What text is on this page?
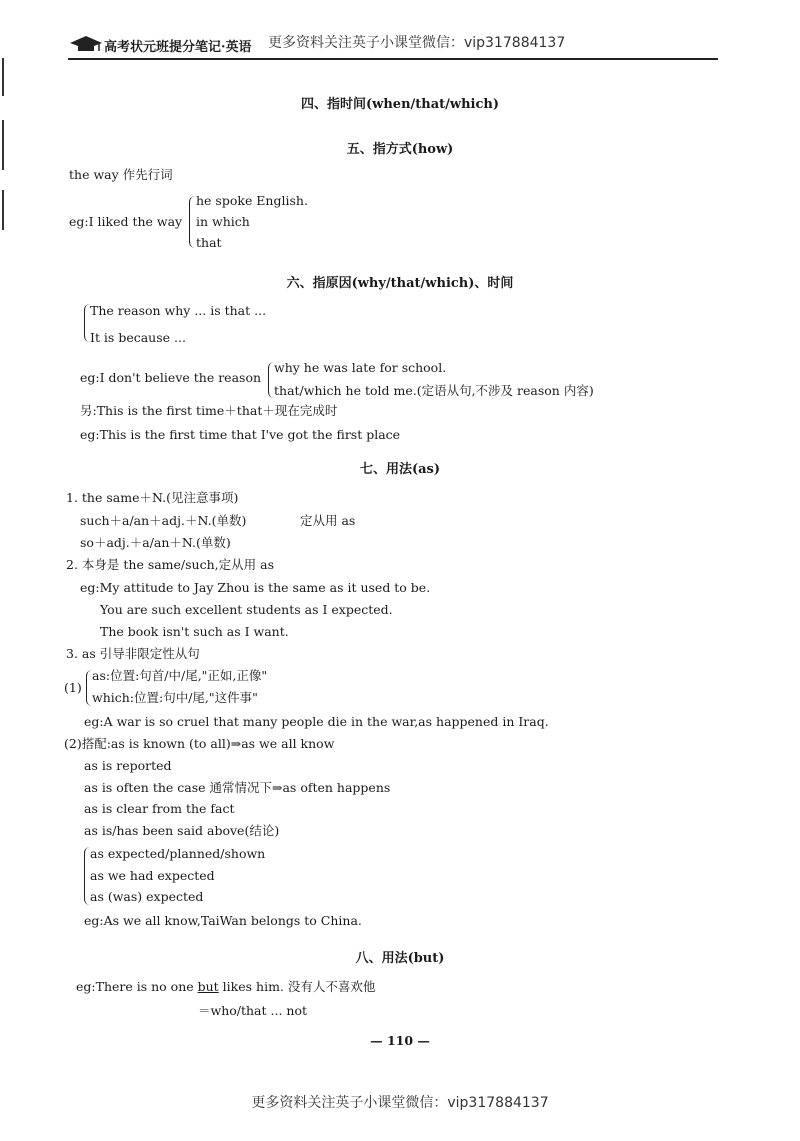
高考状元班提分笔记·英语 更多资料关注英子小课堂微信：vip317884137
四、指时间(when/that/which)
五、指方式(how)
the way 作先行词
eg:I liked the way
he spoke English.
in which
that
六、指原因(why/that/which)、时间
The reason why ... is that ...
It is because ...
eg:I don't believe the reason
why he was late for school.
that/which he told me.(定语从句,不涉及 reason 内容)
另:This is the first time＋that＋现在完成时
eg:This is the first time that I've got the first place
七、用法(as)
1. the same＋N.(见注意事项)
such＋a/an＋adj.＋N.(单数)	定从用 as
so＋adj.＋a/an＋N.(单数)
2. 本身是 the same/such,定从用 as
eg:My attitude to Jay Zhou is the same as it used to be.
You are such excellent students as I expected.
The book isn't such as I want.
3. as 引导非限定性从句
(1)
as:位置:句首/中/尾,"正如,正像"
which:位置:句中/尾,"这件事"
eg:A war is so cruel that many people die in the war,as happened in Iraq.
(2)搭配:as is known (to all)⇒as we all know
as is reported
as is often the case 通常情况下⇒as often happens
as is clear from the fact
as is/has been said above(结论)
as expected/planned/shown
as we had expected
as (was) expected
eg:As we all know,TaiWan belongs to China.
八、用法(but)
eg:There is no one but likes him. 没有人不喜欢他
＝who/that ... not
— 110 —
更多资料关注英子小课堂微信：vip317884137
